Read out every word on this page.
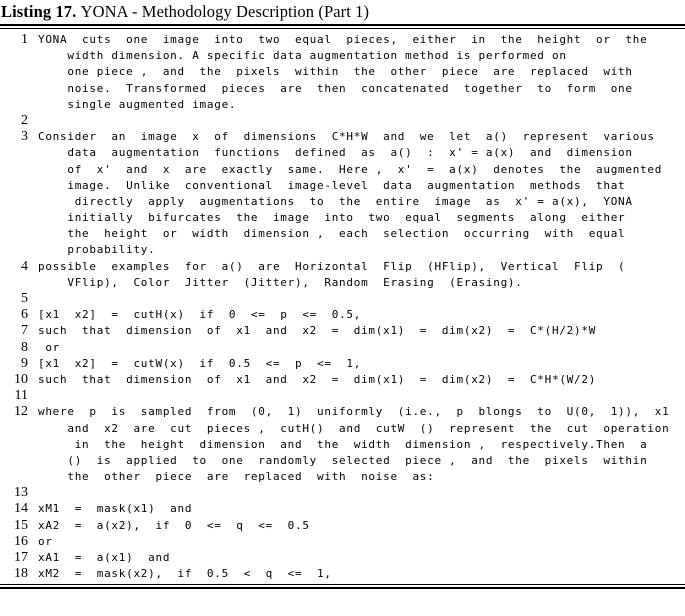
Listing 17. YONA - Methodology Description (Part 1)
1 YONA  cuts  one  image  into  two  equal  pieces,  either  in  the  height  or  the
width dimension. A specific data augmentation method is performed on
one piece ,  and  the  pixels  within  the  other  piece  are  replaced  with
noise.  Transformed  pieces  are  then  concatenated  together  to  form  one
single augmented image.
2
3 Consider  an  image  x  of  dimensions  C*H*W  and  we  let  a()  represent  various
data  augmentation  functions  defined  as  a()  :  x' = a(x)  and  dimension
of  x'  and  x  are  exactly  same.  Here ,  x'  =  a(x)  denotes  the  augmented
image.  Unlike  conventional  image-level  data  augmentation  methods  that
directly  apply  augmentations  to  the  entire  image  as  x' = a(x),  YONA
initially  bifurcates  the  image  into  two  equal  segments  along  either
the  height  or  width  dimension ,  each  selection  occurring  with  equal
probability.
4 possible  examples  for  a()  are  Horizontal  Flip  (HFlip),  Vertical  Flip  (
VFlip),  Color  Jitter  (Jitter),  Random  Erasing  (Erasing).
5
6 [x1  x2]  =  cutH(x)  if  0  <=  p  <=  0.5,
7 such  that  dimension  of  x1  and  x2  =  dim(x1)  =  dim(x2)  =  C*(H/2)*W
8 or
9 [x1  x2]  =  cutW(x)  if  0.5  <=  p  <=  1,
10 such  that  dimension  of  x1  and  x2  =  dim(x1)  =  dim(x2)  =  C*H*(W/2)
11
12 where  p  is  sampled  from  (0,  1)  uniformly  (i.e.,  p  blongs  to  U(0,  1)),  x1
and  x2  are  cut  pieces ,  cutH()  and  cutW  ()  represent  the  cut  operation
in  the  height  dimension  and  the  width  dimension ,  respectively.Then  a
()  is  applied  to  one  randomly  selected  piece ,  and  the  pixels  within
the  other  piece  are  replaced  with  noise  as:
13
14 xM1  =  mask(x1)  and
15 xA2  =  a(x2),  if  0  <=  q  <=  0.5
16 or
17 xA1  =  a(x1)  and
18 xM2  =  mask(x2),  if  0.5  <  q  <=  1,
